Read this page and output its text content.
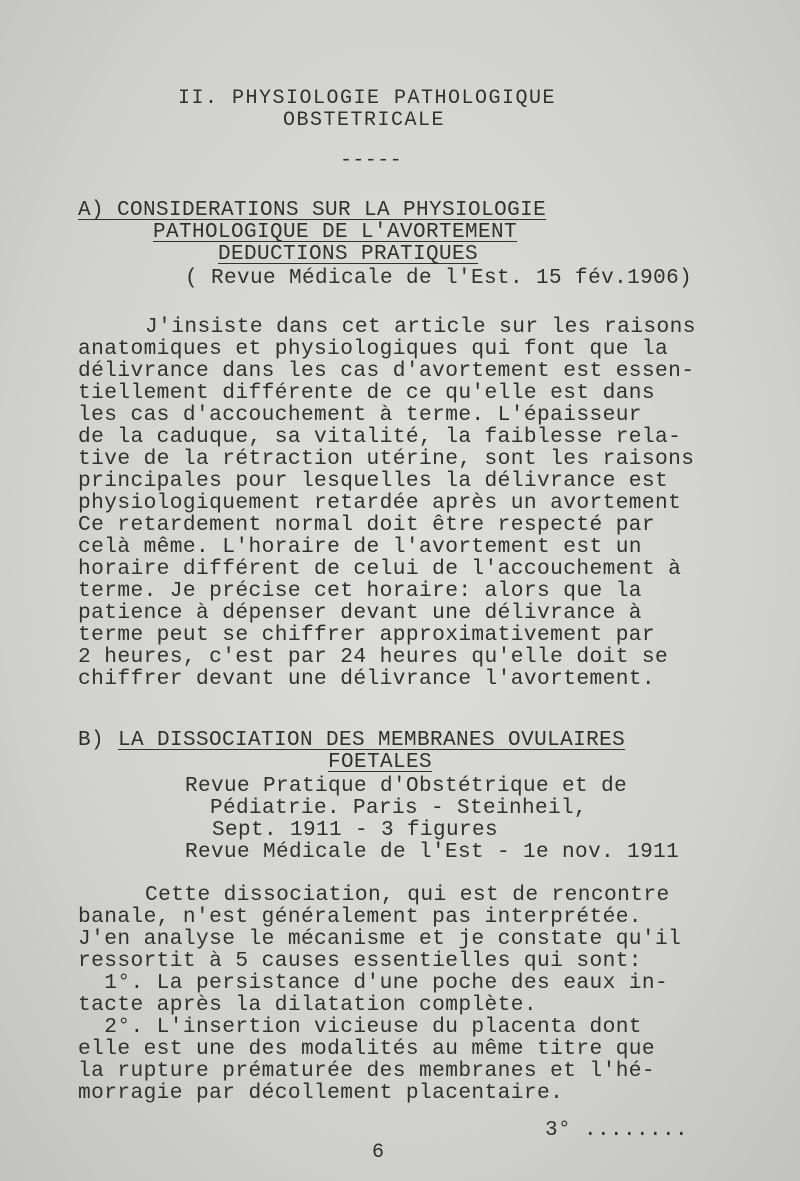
II. PHYSIOLOGIE PATHOLOGIQUE
OBSTETRICALE
-----
A) CONSIDERATIONS SUR LA PHYSIOLOGIE
PATHOLOGIQUE DE L'AVORTEMENT
DEDUCTIONS PRATIQUES
( Revue Médicale de l'Est. 15 fév.1906)
J'insiste dans cet article sur les raisons
anatomiques et physiologiques qui font que la
délivrance dans les cas d'avortement est essen-
tiellement différente de ce qu'elle est dans
les cas d'accouchement à terme. L'épaisseur
de la caduque, sa vitalité, la faiblesse rela-
tive de la rétraction utérine, sont les raisons
principales pour lesquelles la délivrance est
physiologiquement retardée après un avortement
Ce retardement normal doit être respecté par
celà même. L'horaire de l'avortement est un
horaire différent de celui de l'accouchement à
terme. Je précise cet horaire: alors que la
patience à dépenser devant une délivrance à
terme peut se chiffrer approximativement par
2 heures, c'est par 24 heures qu'elle doit se
chiffrer devant une délivrance l'avortement.
B) LA DISSOCIATION DES MEMBRANES OVULAIRES
FOETALES
Revue Pratique d'Obstétrique et de
Pédiatrie. Paris - Steinheil,
Sept. 1911 - 3 figures
Revue Médicale de l'Est - 1e nov. 1911
Cette dissociation, qui est de rencontre
banale, n'est généralement pas interprétée.
J'en analyse le mécanisme et je constate qu'il
ressortit à 5 causes essentielles qui sont:
1°. La persistance d'une poche des eaux in-
tacte après la dilatation complète.
2°. L'insertion vicieuse du placenta dont
elle est une des modalités au même titre que
la rupture prématurée des membranes et l'hé-
morragie par décollement placentaire.
3° ........
6
